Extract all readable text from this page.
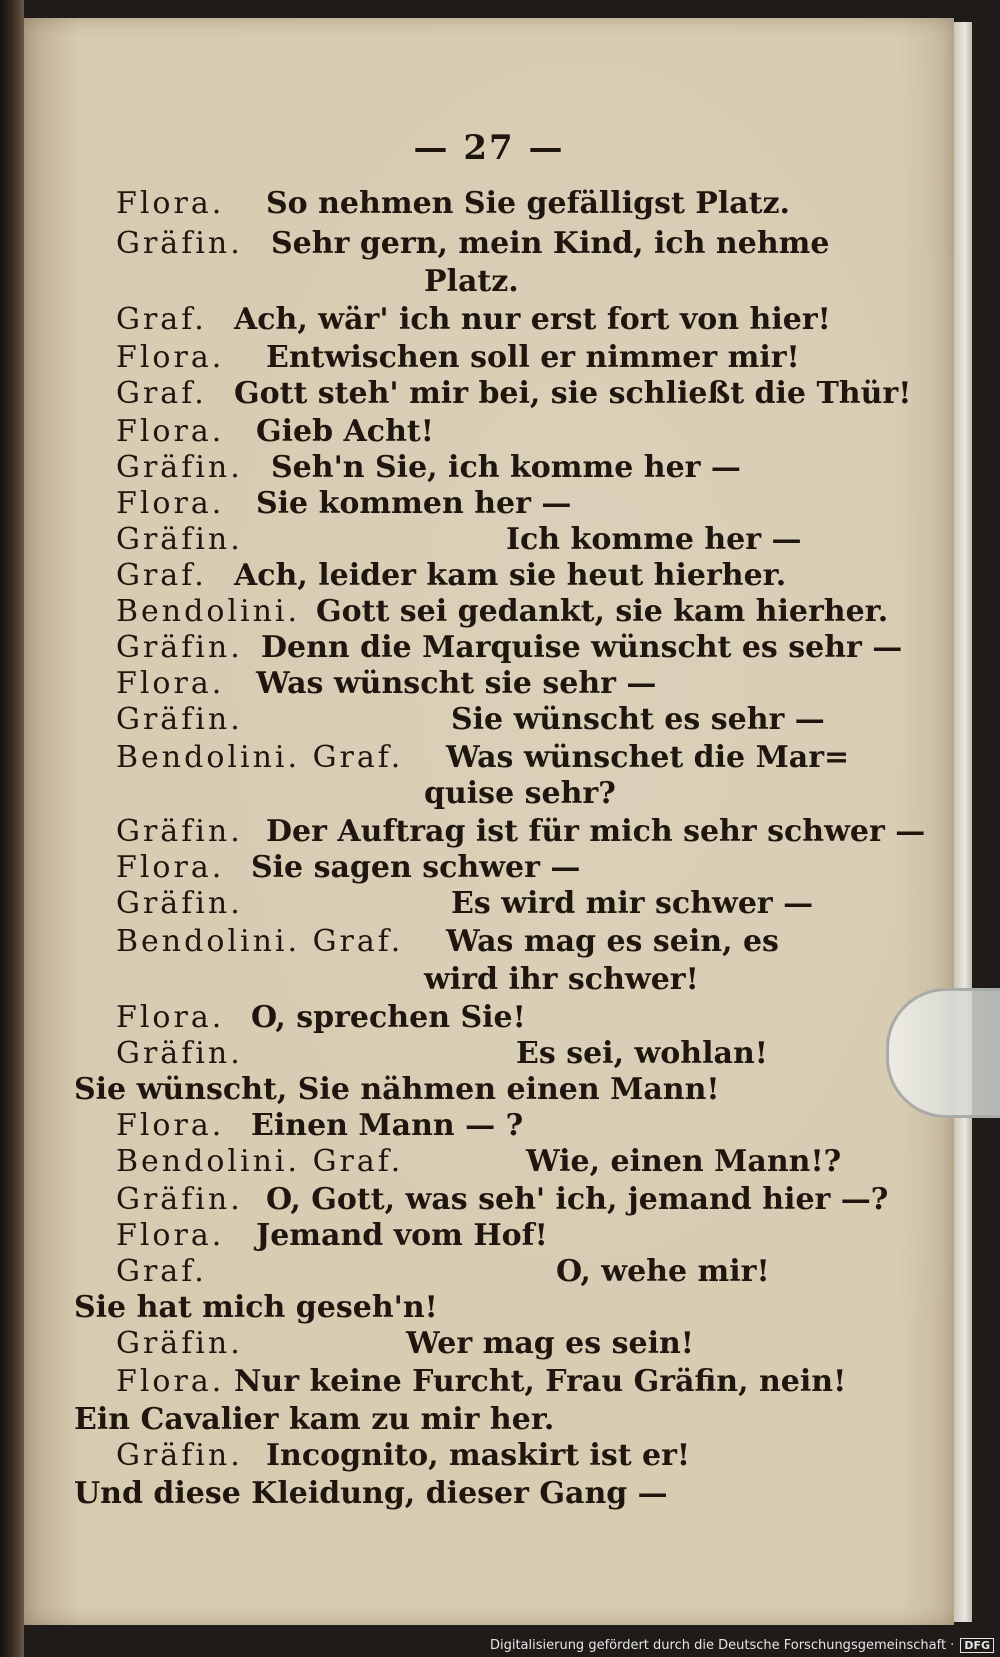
— 27 —
Flora. So nehmen Sie gefälligst Platz.
Gräfin. Sehr gern, mein Kind, ich nehme
Platz.
Graf. Ach, wär' ich nur erst fort von hier!
Flora. Entwischen soll er nimmer mir!
Graf. Gott steh' mir bei, sie schließt die Thür!
Flora. Gieb Acht!
Gräfin. Seh'n Sie, ich komme her —
Flora. Sie kommen her —
Gräfin.	Ich komme her —
Graf. Ach, leider kam sie heut hierher.
Bendolini. Gott sei gedankt, sie kam hierher.
Gräfin. Denn die Marquise wünscht es sehr —
Flora. Was wünscht sie sehr —
Gräfin.	Sie wünscht es sehr —
Bendolini. Graf. Was wünschet die Mar=
quise sehr?
Gräfin. Der Auftrag ist für mich sehr schwer —
Flora. Sie sagen schwer —
Gräfin.	Es wird mir schwer —
Bendolini. Graf. Was mag es sein, es
wird ihr schwer!
Flora. O, sprechen Sie!
Gräfin.	Es sei, wohlan!
Sie wünscht, Sie nähmen einen Mann!
Flora. Einen Mann — ?
Bendolini. Graf.	Wie, einen Mann!?
Gräfin. O, Gott, was seh' ich, jemand hier —?
Flora. Jemand vom Hof!
Graf.	O, wehe mir!
Sie hat mich geseh'n!
Gräfin.	Wer mag es sein!
Flora. Nur keine Furcht, Frau Gräfin, nein!
Ein Cavalier kam zu mir her.
Gräfin. Incognito, maskirt ist er!
Und diese Kleidung, dieser Gang —
Digitalisierung gefördert durch die Deutsche Forschungsgemeinschaft · DFG
